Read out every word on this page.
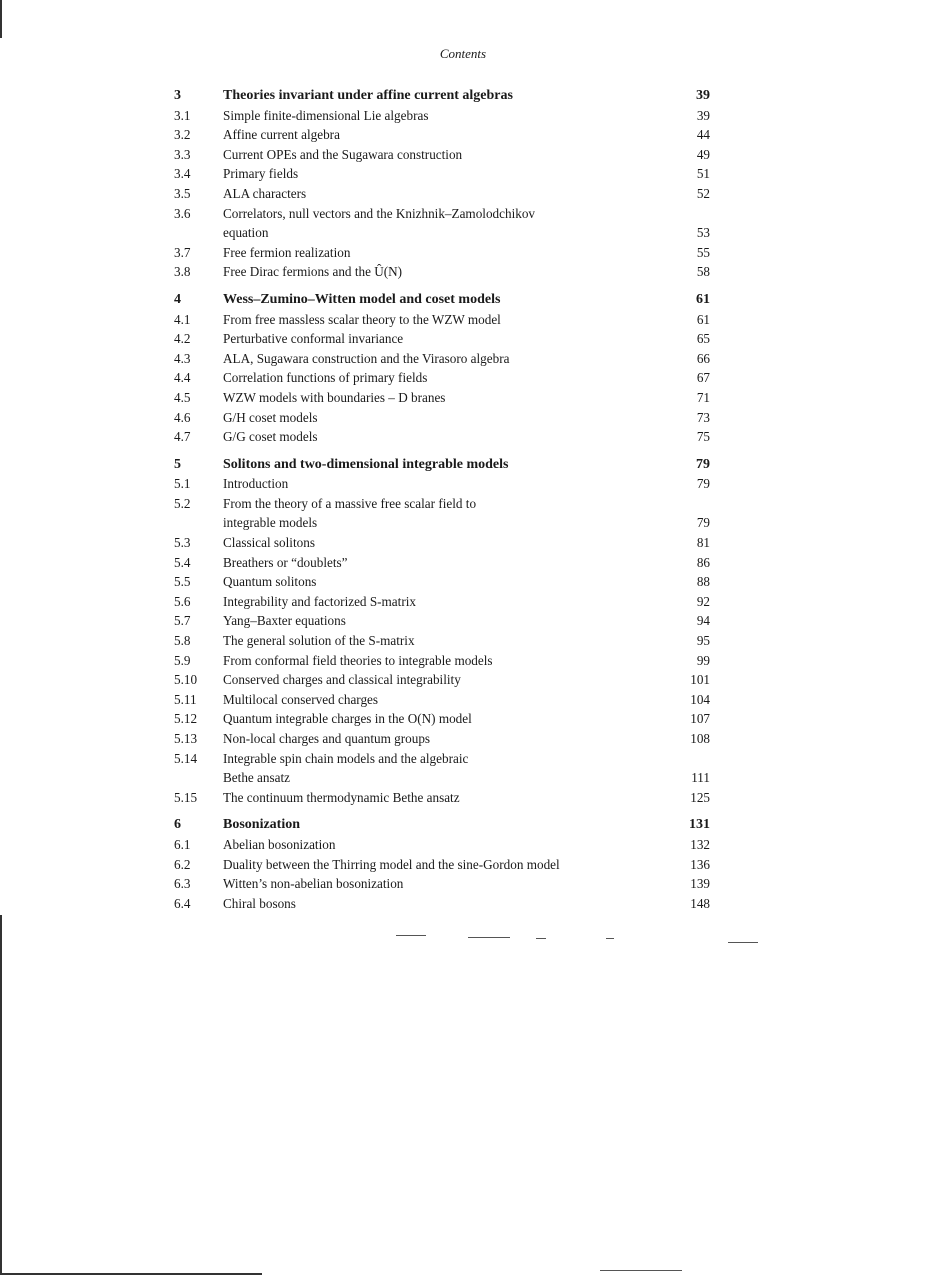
Contents
3	Theories invariant under affine current algebras	39
3.1	Simple finite-dimensional Lie algebras	39
3.2	Affine current algebra	44
3.3	Current OPEs and the Sugawara construction	49
3.4	Primary fields	51
3.5	ALA characters	52
3.6	Correlators, null vectors and the Knizhnik–Zamolodchikov
equation	53
3.7	Free fermion realization	55
3.8	Free Dirac fermions and the Û(N)	58
4	Wess–Zumino–Witten model and coset models	61
4.1	From free massless scalar theory to the WZW model	61
4.2	Perturbative conformal invariance	65
4.3	ALA, Sugawara construction and the Virasoro algebra	66
4.4	Correlation functions of primary fields	67
4.5	WZW models with boundaries – D branes	71
4.6	G/H coset models	73
4.7	G/G coset models	75
5	Solitons and two-dimensional integrable models	79
5.1	Introduction	79
5.2	From the theory of a massive free scalar field to
integrable models	79
5.3	Classical solitons	81
5.4	Breathers or “doublets”	86
5.5	Quantum solitons	88
5.6	Integrability and factorized S-matrix	92
5.7	Yang–Baxter equations	94
5.8	The general solution of the S-matrix	95
5.9	From conformal field theories to integrable models	99
5.10	Conserved charges and classical integrability	101
5.11	Multilocal conserved charges	104
5.12	Quantum integrable charges in the O(N) model	107
5.13	Non-local charges and quantum groups	108
5.14	Integrable spin chain models and the algebraic
Bethe ansatz	111
5.15	The continuum thermodynamic Bethe ansatz	125
6	Bosonization	131
6.1	Abelian bosonization	132
6.2	Duality between the Thirring model and the sine-Gordon model	136
6.3	Witten’s non-abelian bosonization	139
6.4	Chiral bosons	148
